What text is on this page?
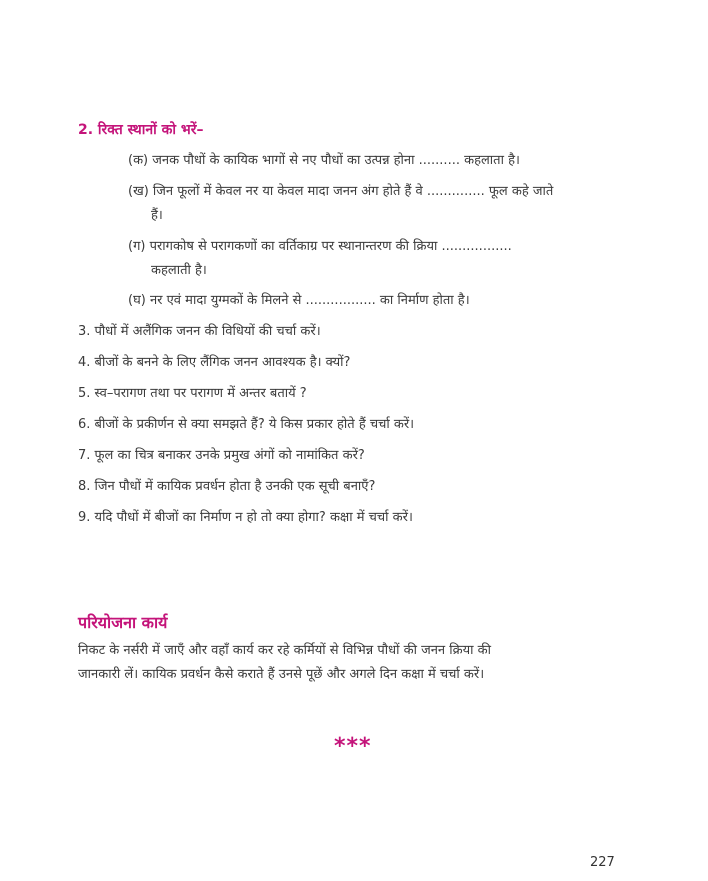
2. रिक्त स्थानों को भरें–
(क) जनक पौधों के कायिक भागों से नए पौधों का उत्पन्न होना .......... कहलाता है।
(ख) जिन फूलों में केवल नर या केवल मादा जनन अंग होते हैं वे .............. फूल कहे जाते
हैं।
(ग) परागकोष से परागकणों का वर्तिकाग्र पर स्थानान्तरण की क्रिया .................
कहलाती है।
(घ) नर एवं मादा युग्मकों के मिलने से ................. का निर्माण होता है।
3. पौधों में अलैंगिक जनन की विधियों की चर्चा करें।
4. बीजों के बनने के लिए लैंगिक जनन आवश्यक है। क्यों?
5. स्व–परागण तथा पर परागण में अन्तर बतायें ?
6. बीजों के प्रकीर्णन से क्या समझते हैं? ये किस प्रकार होते हैं चर्चा करें।
7. फूल का चित्र बनाकर उनके प्रमुख अंगों को नामांकित करें?
8. जिन पौधों में कायिक प्रवर्धन होता है उनकी एक सूची बनाएँ?
9. यदि पौधों में बीजों का निर्माण न हो तो क्या होगा? कक्षा में चर्चा करें।
परियोजना कार्य
निकट के नर्सरी में जाएँ और वहाँ कार्य कर रहे कर्मियों से विभिन्न पौधों की जनन क्रिया की
जानकारी लें। कायिक प्रवर्धन कैसे कराते हैं उनसे पूछें और अगले दिन कक्षा में चर्चा करें।
***
227
